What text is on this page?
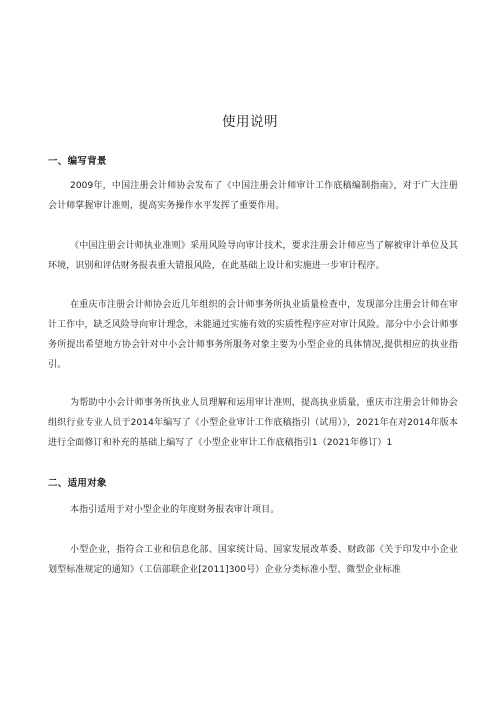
使用说明
一、编写背景

2009年，中国注册会计师协会发布了《中国注册会计师审计工作底稿编制指南》，对于广大注册会计师掌握审计准则，提高实务操作水平发挥了重要作用。

《中国注册会计师执业准则》采用风险导向审计技术，要求注册会计师应当了解被审计单位及其环境，识别和评估财务报表重大错报风险，在此基础上设计和实施进一步审计程序。

在重庆市注册会计师协会近几年组织的会计师事务所执业质量检查中，发现部分注册会计师在审计工作中，缺乏风险导向审计理念，未能通过实施有效的实质性程序应对审计风险。部分中小会计师事务所提出希望地方协会针对中小会计师事务所服务对象主要为小型企业的具体情况,提供相应的执业指引。

为帮助中小会计师事务所执业人员理解和运用审计准则，提高执业质量，重庆市注册会计师协会组织行业专业人员于2014年编写了《小型企业审计工作底稿指引（试用）》，2021年在对2014年版本进行全面修订和补充的基础上编写了《小型企业审计工作底稿指引1（2021年修订）1

二、适用对象

本指引适用于对小型企业的年度财务报表审计项目。

小型企业，指符合工业和信息化部、国家统计局、国家发展改革委、财政部《关于印发中小企业划型标准规定的通知》（工信部联企业[2011]300号）企业分类标准小型、微型企业标准
